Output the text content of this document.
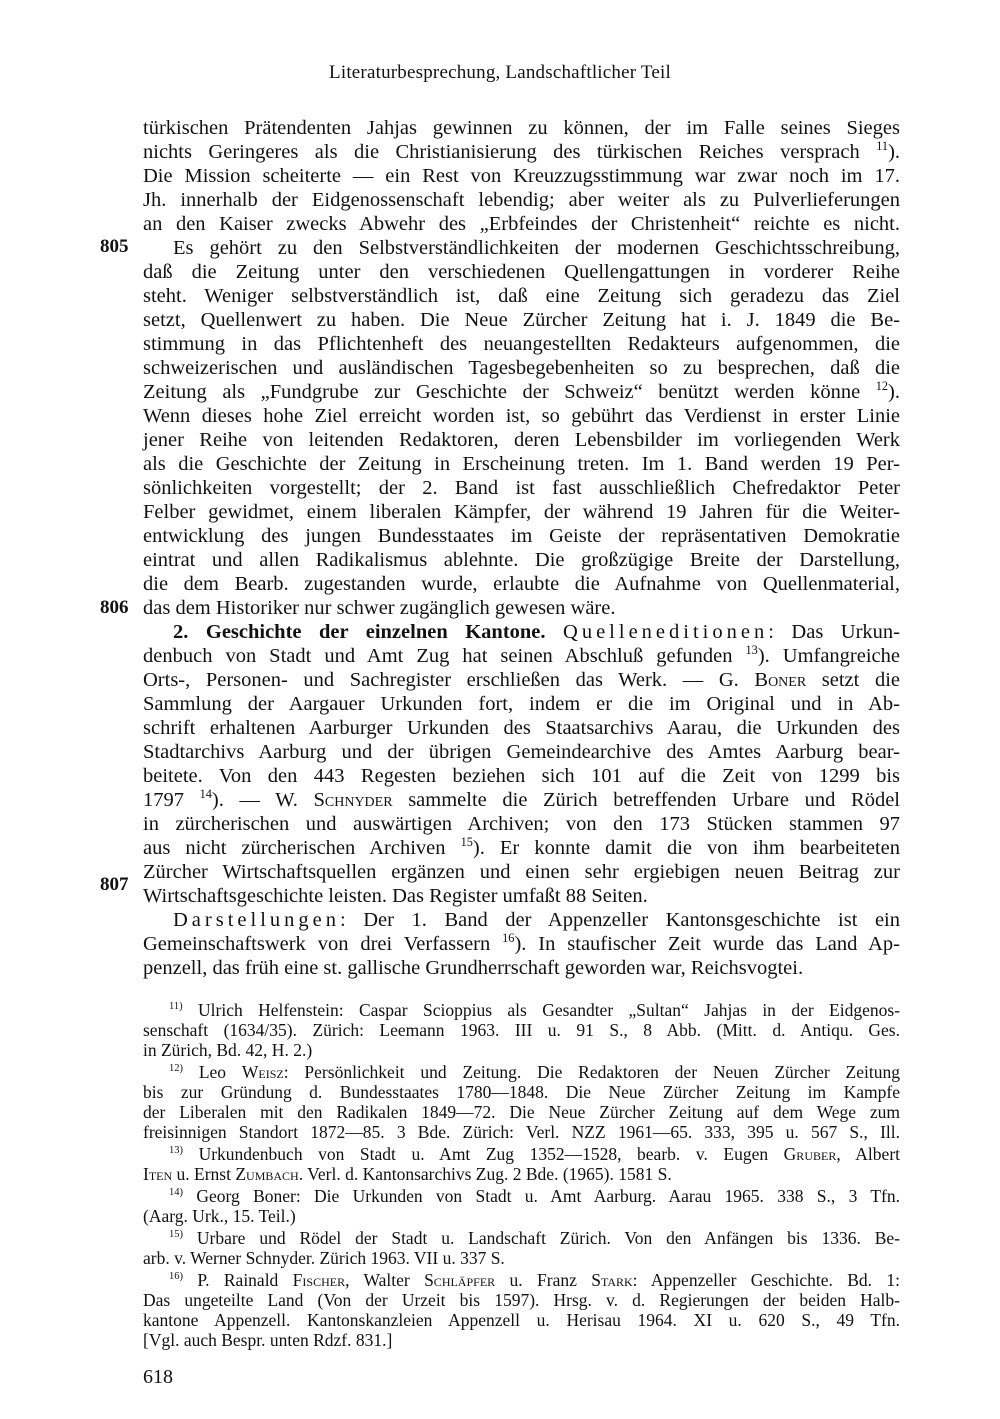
Literaturbesprechung, Landschaftlicher Teil
805
806
807
türkischen Prätendenten Jahjas gewinnen zu können, der im Falle seines Sieges
nichts Geringeres als die Christianisierung des türkischen Reiches versprach $^{11}$).
Die Mission scheiterte — ein Rest von Kreuzzugsstimmung war zwar noch im 17.
Jh. innerhalb der Eidgenossenschaft lebendig; aber weiter als zu Pulverlieferungen
an den Kaiser zwecks Abwehr des „Erbfeindes der Christenheit“ reichte es nicht.
Es gehört zu den Selbstverständlichkeiten der modernen Geschichtsschreibung,
daß die Zeitung unter den verschiedenen Quellengattungen in vorderer Reihe
steht. Weniger selbstverständlich ist, daß eine Zeitung sich geradezu das Ziel
setzt, Quellenwert zu haben. Die Neue Zürcher Zeitung hat i. J. 1849 die Be-
stimmung in das Pflichtenheft des neuangestellten Redakteurs aufgenommen, die
schweizerischen und ausländischen Tagesbegebenheiten so zu besprechen, daß die
Zeitung als „Fundgrube zur Geschichte der Schweiz“ benützt werden könne $^{12}$).
Wenn dieses hohe Ziel erreicht worden ist, so gebührt das Verdienst in erster Linie
jener Reihe von leitenden Redaktoren, deren Lebensbilder im vorliegenden Werk
als die Geschichte der Zeitung in Erscheinung treten. Im 1. Band werden 19 Per-
sönlichkeiten vorgestellt; der 2. Band ist fast ausschließlich Chefredaktor Peter
Felber gewidmet, einem liberalen Kämpfer, der während 19 Jahren für die Weiter-
entwicklung des jungen Bundesstaates im Geiste der repräsentativen Demokratie
eintrat und allen Radikalismus ablehnte. Die großzügige Breite der Darstellung,
die dem Bearb. zugestanden wurde, erlaubte die Aufnahme von Quellenmaterial,
das dem Historiker nur schwer zugänglich gewesen wäre.
2. Geschichte der einzelnen Kantone. Quelleneditionen: Das Urkun-
denbuch von Stadt und Amt Zug hat seinen Abschluß gefunden $^{13}$). Umfangreiche
Orts-, Personen- und Sachregister erschließen das Werk. — G. Boner setzt die
Sammlung der Aargauer Urkunden fort, indem er die im Original und in Ab-
schrift erhaltenen Aarburger Urkunden des Staatsarchivs Aarau, die Urkunden des
Stadtarchivs Aarburg und der übrigen Gemeindearchive des Amtes Aarburg bear-
beitete. Von den 443 Regesten beziehen sich 101 auf die Zeit von 1299 bis
1797 $^{14}$). — W. Schnyder sammelte die Zürich betreffenden Urbare und Rödel
in zürcherischen und auswärtigen Archiven; von den 173 Stücken stammen 97
aus nicht zürcherischen Archiven $^{15}$). Er konnte damit die von ihm bearbeiteten
Zürcher Wirtschaftsquellen ergänzen und einen sehr ergiebigen neuen Beitrag zur
Wirtschaftsgeschichte leisten. Das Register umfaßt 88 Seiten.
Darstellungen: Der 1. Band der Appenzeller Kantonsgeschichte ist ein
Gemeinschaftswerk von drei Verfassern $^{16}$). In staufischer Zeit wurde das Land Ap-
penzell, das früh eine st. gallische Grundherrschaft geworden war, Reichsvogtei.
$^{11)}$ Ulrich Helfenstein: Caspar Scioppius als Gesandter „Sultan“ Jahjas in der Eidgenos-
senschaft (1634/35). Zürich: Leemann 1963. III u. 91 S., 8 Abb. (Mitt. d. Antiqu. Ges.
in Zürich, Bd. 42, H. 2.)
$^{12)}$ Leo Weisz: Persönlichkeit und Zeitung. Die Redaktoren der Neuen Zürcher Zeitung
bis zur Gründung d. Bundesstaates 1780—1848. Die Neue Zürcher Zeitung im Kampfe
der Liberalen mit den Radikalen 1849—72. Die Neue Zürcher Zeitung auf dem Wege zum
freisinnigen Standort 1872—85. 3 Bde. Zürich: Verl. NZZ 1961—65. 333, 395 u. 567 S., Ill.
$^{13)}$ Urkundenbuch von Stadt u. Amt Zug 1352—1528, bearb. v. Eugen Gruber, Albert
Iten u. Ernst Zumbach. Verl. d. Kantonsarchivs Zug. 2 Bde. (1965). 1581 S.
$^{14)}$ Georg Boner: Die Urkunden von Stadt u. Amt Aarburg. Aarau 1965. 338 S., 3 Tfn.
(Aarg. Urk., 15. Teil.)
$^{15)}$ Urbare und Rödel der Stadt u. Landschaft Zürich. Von den Anfängen bis 1336. Be-
arb. v. Werner Schnyder. Zürich 1963. VII u. 337 S.
$^{16)}$ P. Rainald Fischer, Walter Schläpfer u. Franz Stark: Appenzeller Geschichte. Bd. 1:
Das ungeteilte Land (Von der Urzeit bis 1597). Hrsg. v. d. Regierungen der beiden Halb-
kantone Appenzell. Kantonskanzleien Appenzell u. Herisau 1964. XI u. 620 S., 49 Tfn.
[Vgl. auch Bespr. unten Rdzf. 831.]
618
